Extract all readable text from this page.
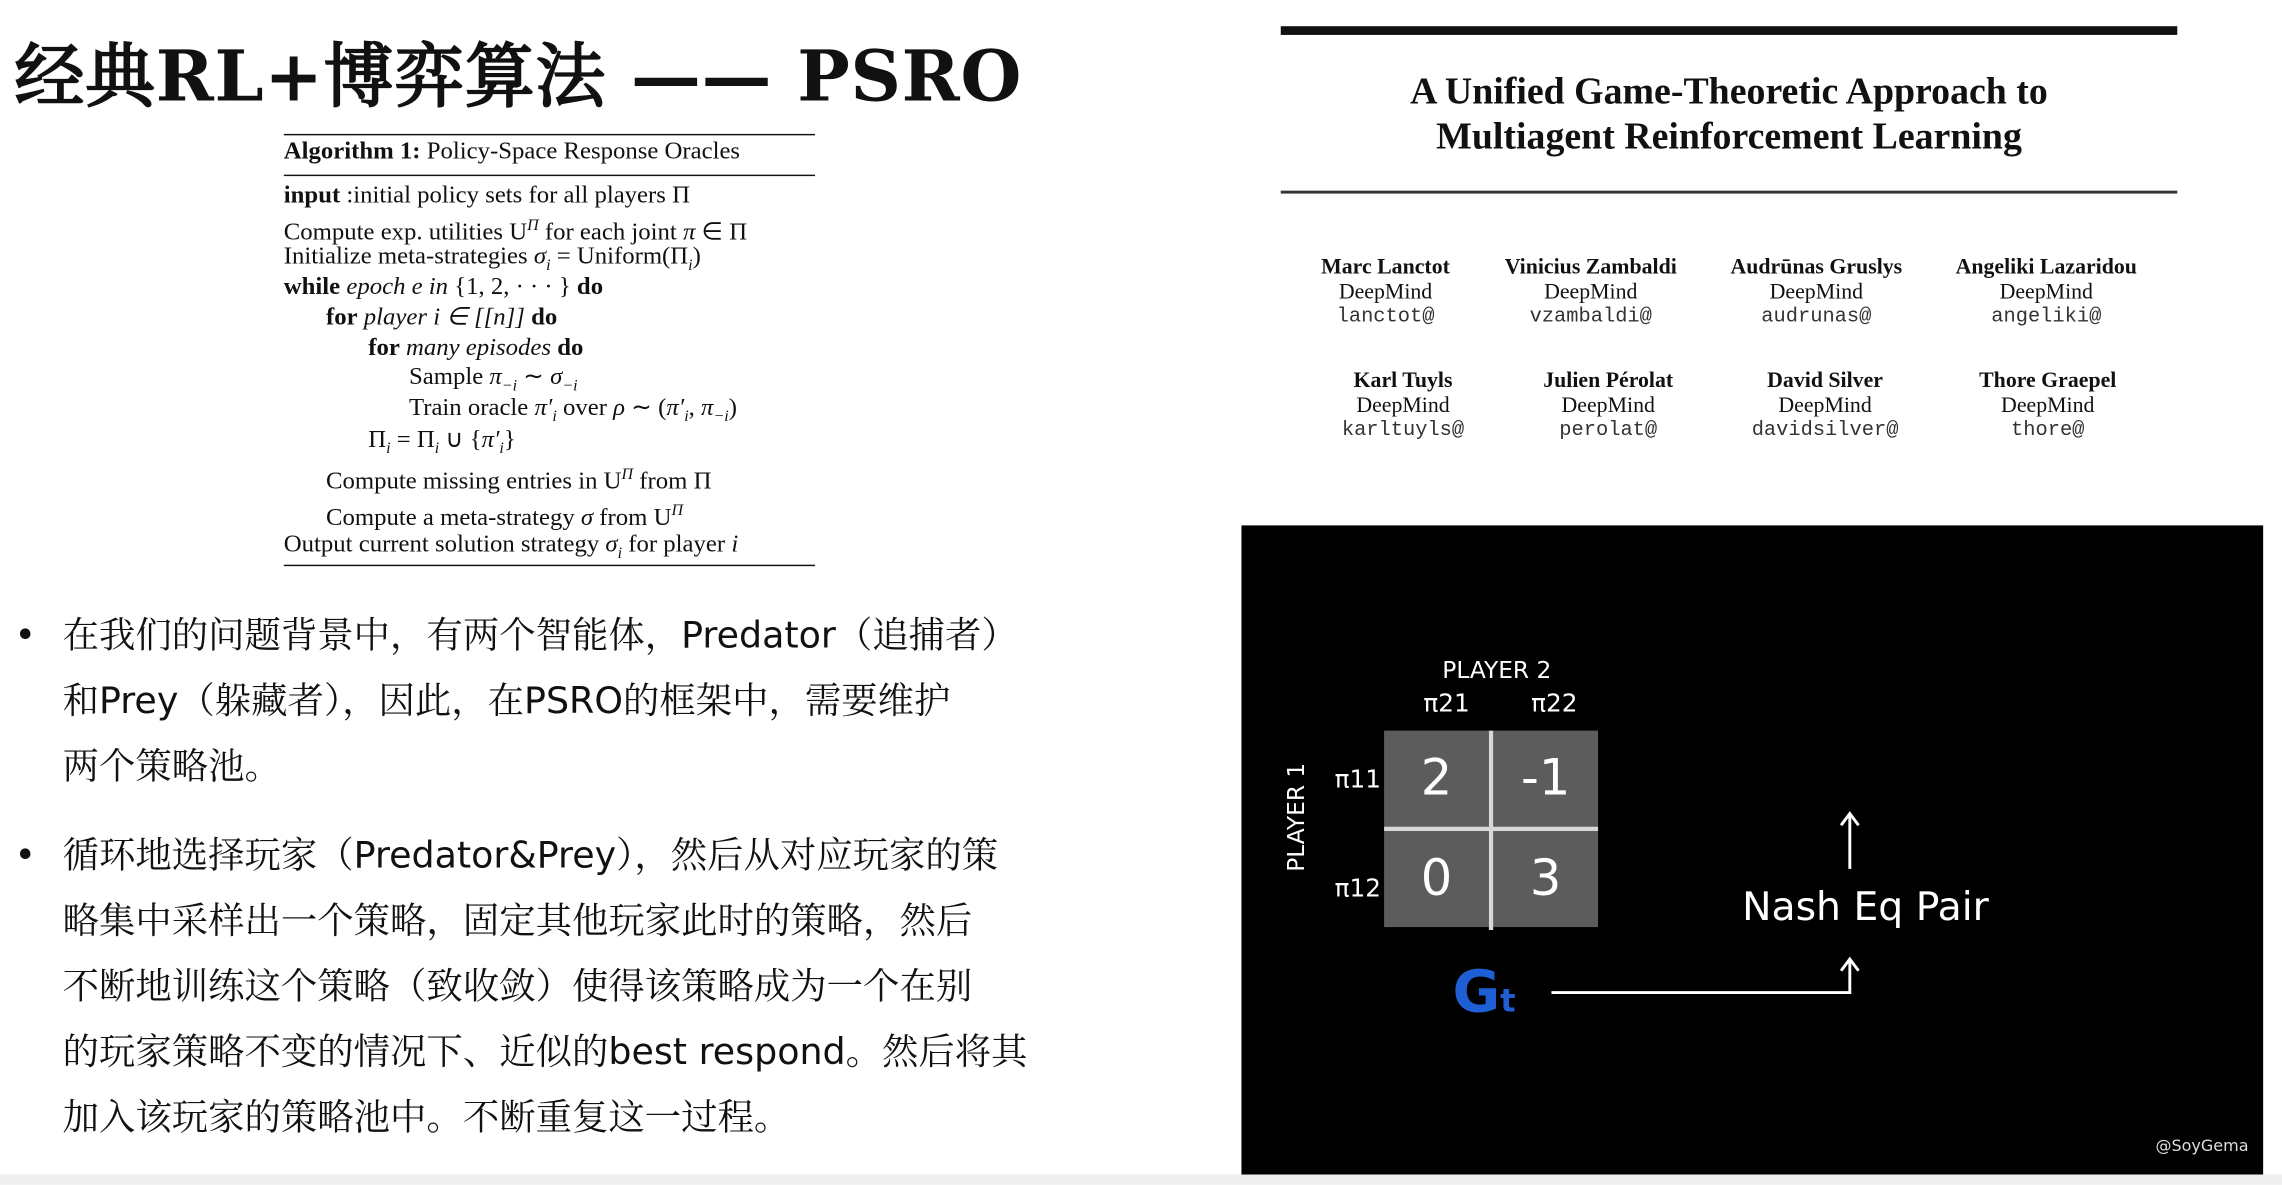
经典RL+博弈算法 —— PSRO
Algorithm 1: Policy-Space Response Oracles
input :initial policy sets for all players Π
Compute exp. utilities $U^\Pi$ for each joint π ∈ Π
Initialize meta-strategies $\sigma_i$ = $Uniform(\Pi_i)$
while epoch e in {1, 2, · · · } do
for player i ∈ [[n]] do
for many episodes do
Sample $\pi_{-i}$ ∼ $\sigma_{-i}$
Train oracle $\pi'_i$ over ρ ∼ ($\pi'_i$, $\pi_{-i}$)
$\Pi_i = \Pi_i$ ∪ $\{\pi'_i\}$
Compute missing entries in $U^\Pi$ from Π
Compute a meta-strategy σ from $U^\Pi$
Output current solution strategy $\sigma_i$ for player i
•	在我们的问题背景中，有两个智能体，Predator（追捕者）
和Prey（躲藏者），因此，在PSRO的框架中，需要维护
两个策略池。
•	循环地选择玩家（Predator&Prey），然后从对应玩家的策
略集中采样出一个策略，固定其他玩家此时的策略，然后
不断地训练这个策略（致收敛）使得该策略成为一个在别
的玩家策略不变的情况下、近似的best respond。然后将其
加入该玩家的策略池中。不断重复这一过程。
A Unified Game-Theoretic Approach to
Multiagent Reinforcement Learning
Marc Lanctot
DeepMind
lanctot@
Vinicius Zambaldi
DeepMind
vzambaldi@
Audrūnas Gruslys
DeepMind
audrunas@
Angeliki Lazaridou
DeepMind
angeliki@
Karl Tuyls
DeepMind
karltuyls@
Julien Pérolat
DeepMind
perolat@
David Silver
DeepMind
davidsilver@
Thore Graepel
DeepMind
thore@
PLAYER 2
π21	π22
PLAYER 1 π11
π12
2	-1
0	3
Gt
Nash Eq Pair
@SoyGema
